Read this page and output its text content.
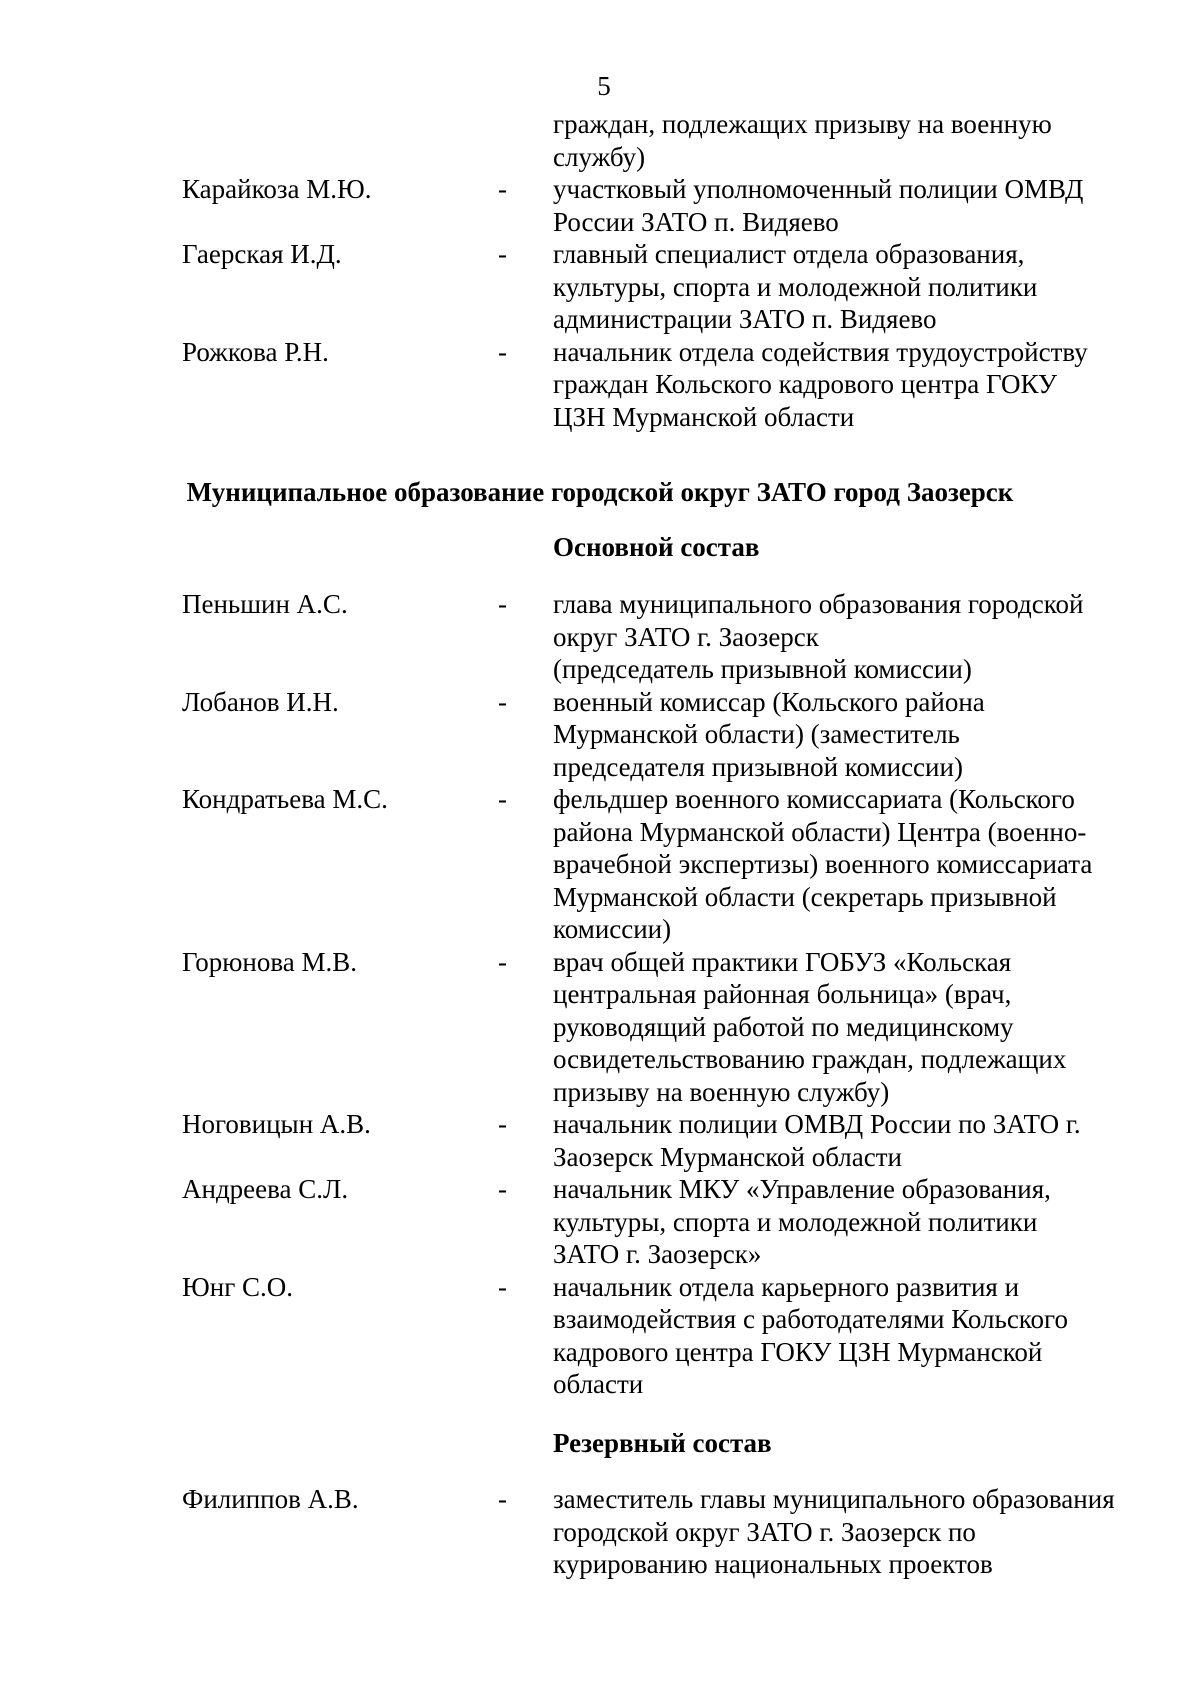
5
граждан, подлежащих призыву на военную
службу)
Карайкоза М.Ю.	- участковый уполномоченный полиции ОМВД
России ЗАТО п. Видяево
Гаерская И.Д.	- главный специалист отдела образования,
культуры, спорта и молодежной политики
администрации ЗАТО п. Видяево
Рожкова Р.Н.	- начальник отдела содействия трудоустройству
граждан Кольского кадрового центра ГОКУ
ЦЗН Мурманской области
Муниципальное образование городской округ ЗАТО город Заозерск
Основной состав
Пеньшин А.С.	- глава муниципального образования городской
округ ЗАТО г. Заозерск
(председатель призывной комиссии)
Лобанов И.Н.	- военный комиссар (Кольского района
Мурманской области) (заместитель
председателя призывной комиссии)
Кондратьева М.С.	- фельдшер военного комиссариата (Кольского
района Мурманской области) Центра (военно-
врачебной экспертизы) военного комиссариата
Мурманской области (секретарь призывной
комиссии)
Горюнова М.В.	- врач общей практики ГОБУЗ «Кольская
центральная районная больница» (врач,
руководящий работой по медицинскому
освидетельствованию граждан, подлежащих
призыву на военную службу)
Ноговицын А.В.	- начальник полиции ОМВД России по ЗАТО г.
Заозерск Мурманской области
Андреева С.Л.	- начальник МКУ «Управление образования,
культуры, спорта и молодежной политики
ЗАТО г. Заозерск»
Юнг С.О.	- начальник отдела карьерного развития и
взаимодействия с работодателями Кольского
кадрового центра ГОКУ ЦЗН Мурманской
области
Резервный состав
Филиппов А.В.	- заместитель главы муниципального образования
городской округ ЗАТО г. Заозерск по
курированию национальных проектов
